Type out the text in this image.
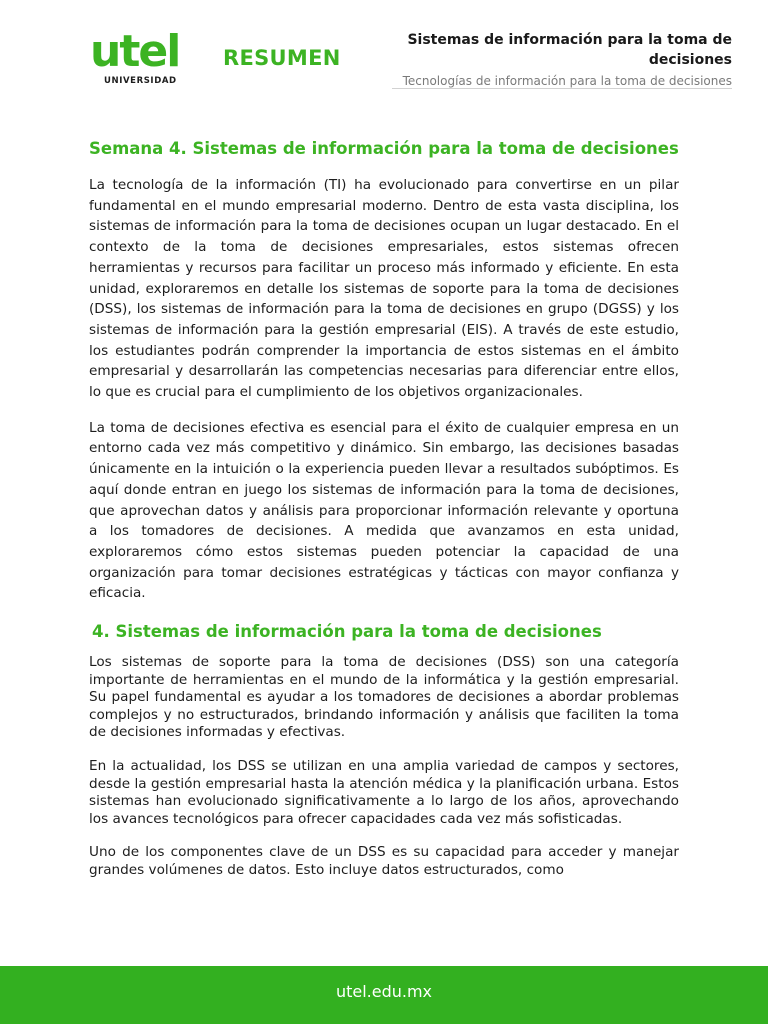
utel
UNIVERSIDAD
RESUMEN

Sistemas de información para la toma de decisiones

Tecnologías de información para la toma de decisiones

Semana 4. Sistemas de información para la toma de decisiones

La tecnología de la información (TI) ha evolucionado para convertirse en un pilar fundamental en el mundo empresarial moderno. Dentro de esta vasta disciplina, los sistemas de información para la toma de decisiones ocupan un lugar destacado. En el contexto de la toma de decisiones empresariales, estos sistemas ofrecen herramientas y recursos para facilitar un proceso más informado y eficiente. En esta unidad, exploraremos en detalle los sistemas de soporte para la toma de decisiones (DSS), los sistemas de información para la toma de decisiones en grupo (DGSS) y los sistemas de información para la gestión empresarial (EIS). A través de este estudio, los estudiantes podrán comprender la importancia de estos sistemas en el ámbito empresarial y desarrollarán las competencias necesarias para diferenciar entre ellos, lo que es crucial para el cumplimiento de los objetivos organizacionales.

La toma de decisiones efectiva es esencial para el éxito de cualquier empresa en un entorno cada vez más competitivo y dinámico. Sin embargo, las decisiones basadas únicamente en la intuición o la experiencia pueden llevar a resultados subóptimos. Es aquí donde entran en juego los sistemas de información para la toma de decisiones, que aprovechan datos y análisis para proporcionar información relevante y oportuna a los tomadores de decisiones. A medida que avanzamos en esta unidad, exploraremos cómo estos sistemas pueden potenciar la capacidad de una organización para tomar decisiones estratégicas y tácticas con mayor confianza y eficacia.

4. Sistemas de información para la toma de decisiones

Los sistemas de soporte para la toma de decisiones (DSS) son una categoría importante de herramientas en el mundo de la informática y la gestión empresarial. Su papel fundamental es ayudar a los tomadores de decisiones a abordar problemas complejos y no estructurados, brindando información y análisis que faciliten la toma de decisiones informadas y efectivas.

En la actualidad, los DSS se utilizan en una amplia variedad de campos y sectores, desde la gestión empresarial hasta la atención médica y la planificación urbana. Estos sistemas han evolucionado significativamente a lo largo de los años, aprovechando los avances tecnológicos para ofrecer capacidades cada vez más sofisticadas.

Uno de los componentes clave de un DSS es su capacidad para acceder y manejar grandes volúmenes de datos. Esto incluye datos estructurados, como

utel.edu.mx
